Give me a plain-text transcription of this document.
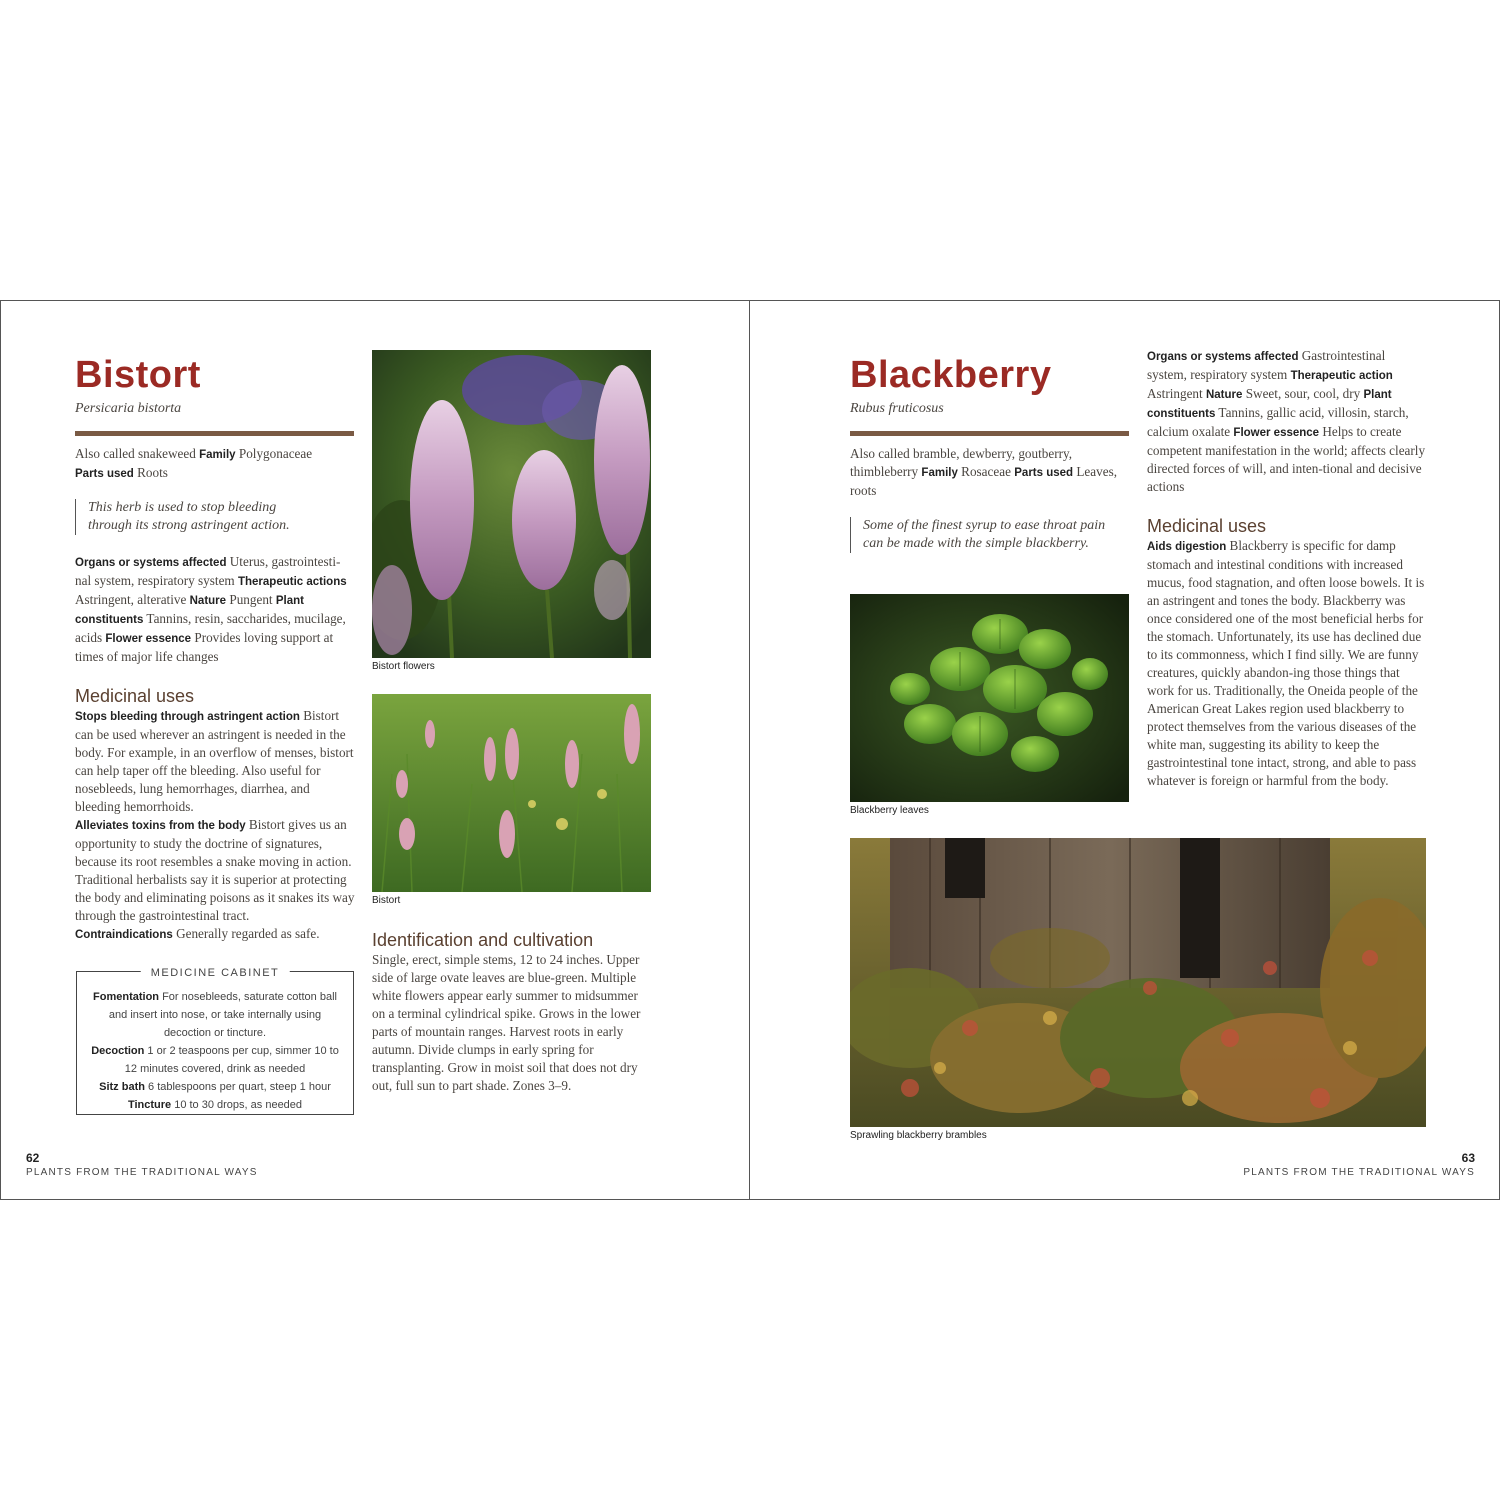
Bistort
Persicaria bistorta
Also called snakeweed Family Polygonaceae
Parts used Roots
This herb is used to stop bleeding
through its strong astringent action.
Organs or systems affected Uterus, gastrointesti-nal system, respiratory system Therapeutic actions Astringent, alterative Nature Pungent Plant constituents Tannins, resin, saccharides, mucilage, acids Flower essence Provides loving support at times of major life changes
Medicinal uses
Stops bleeding through astringent action Bistort can be used wherever an astringent is needed in the body. For example, in an overflow of menses, bistort can help taper off the bleeding. Also useful for nosebleeds, lung hemorrhages, diarrhea, and bleeding hemorrhoids.
Alleviates toxins from the body Bistort gives us an opportunity to study the doctrine of signatures, because its root resembles a snake moving in action. Traditional herbalists say it is superior at protecting the body and eliminating poisons as it snakes its way through the gastrointestinal tract.
Contraindications Generally regarded as safe.
MEDICINE CABINET
Fomentation For nosebleeds, saturate cotton ball and insert into nose, or take internally using decoction or tincture.
Decoction 1 or 2 teaspoons per cup, simmer 10 to 12 minutes covered, drink as needed
Sitz bath 6 tablespoons per quart, steep 1 hour
Tincture 10 to 30 drops, as needed
Bistort flowers
Bistort
Identification and cultivation
Single, erect, simple stems, 12 to 24 inches. Upper side of large ovate leaves are blue-green. Multiple white flowers appear early summer to midsummer on a terminal cylindrical spike. Grows in the lower parts of mountain ranges. Harvest roots in early autumn. Divide clumps in early spring for transplanting. Grow in moist soil that does not dry out, full sun to part shade. Zones 3–9.
62
PLANTS FROM THE TRADITIONAL WAYS
Blackberry
Rubus fruticosus
Also called bramble, dewberry, goutberry, thimbleberry Family Rosaceae Parts used Leaves, roots
Some of the finest syrup to ease throat pain
can be made with the simple blackberry.
Organs or systems affected Gastrointestinal system, respiratory system Therapeutic action Astringent Nature Sweet, sour, cool, dry Plant constituents Tannins, gallic acid, villosin, starch, calcium oxalate Flower essence Helps to create competent manifestation in the world; affects clearly directed forces of will, and inten-tional and decisive actions
Medicinal uses
Aids digestion Blackberry is specific for damp stomach and intestinal conditions with increased mucus, food stagnation, and often loose bowels. It is an astringent and tones the body. Blackberry was once considered one of the most beneficial herbs for the stomach. Unfortunately, its use has declined due to its commonness, which I find silly. We are funny creatures, quickly abandon-ing those things that work for us. Traditionally, the Oneida people of the American Great Lakes region used blackberry to protect themselves from the various diseases of the white man, suggesting its ability to keep the gastrointestinal tone intact, strong, and able to pass whatever is foreign or harmful from the body.
Blackberry leaves
Sprawling blackberry brambles
63
PLANTS FROM THE TRADITIONAL WAYS
